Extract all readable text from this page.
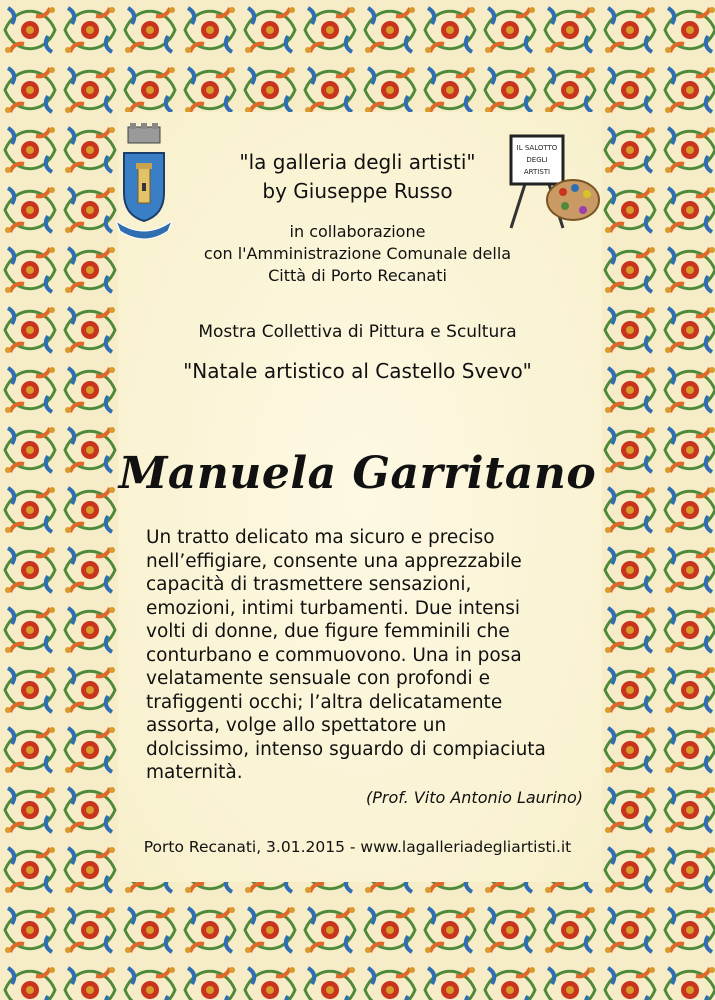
IL SALOTTO
DEGLI
ARTISTI
"la galleria degli artisti"
by Giuseppe Russo
in collaborazione
con l'Amministrazione Comunale della
Città di Porto Recanati
Mostra Collettiva di Pittura e Scultura
"Natale artistico al Castello Svevo"
Manuela Garritano
Un tratto delicato ma sicuro e preciso
nell’effigiare, consente una apprezzabile
capacità di trasmettere sensazioni,
emozioni, intimi turbamenti. Due intensi
volti di donne, due figure femminili che
conturbano e commuovono. Una in posa
velatamente sensuale con profondi e
trafiggenti occhi; l’altra delicatamente
assorta, volge allo spettatore un
dolcissimo, intenso sguardo di compiaciuta
maternità.
(Prof. Vito Antonio Laurino)
Porto Recanati, 3.01.2015 - www.lagalleriadegliartisti.it
